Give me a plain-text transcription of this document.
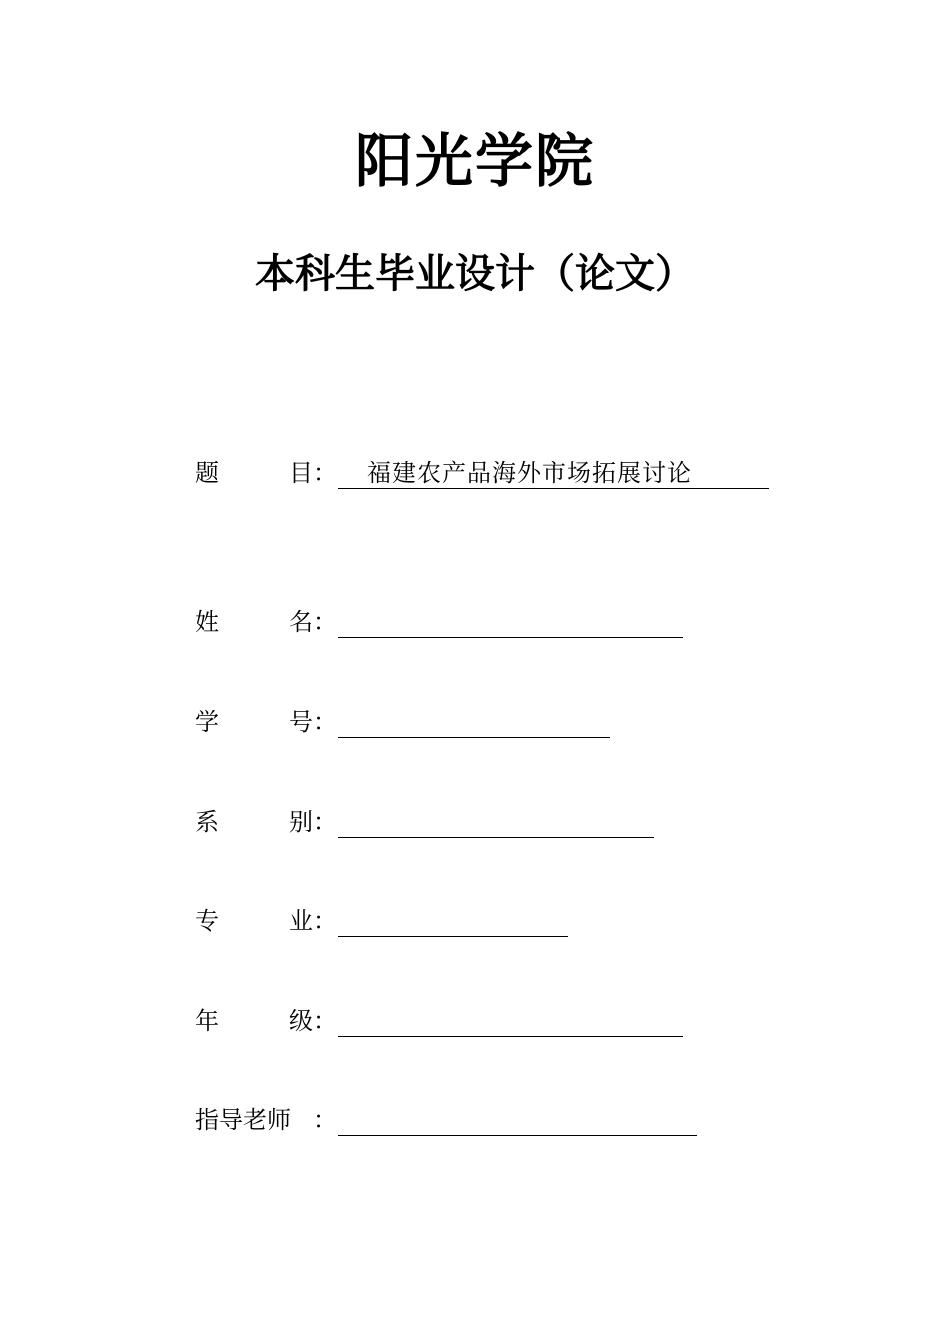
阳光学院
本科生毕业设计（论文）
题	目 ： 福建农产品海外市场拓展讨论
姓	名 ：
学	号 ：
系	别 ：
专	业 ：
年	级 ：
指导老师 ：
